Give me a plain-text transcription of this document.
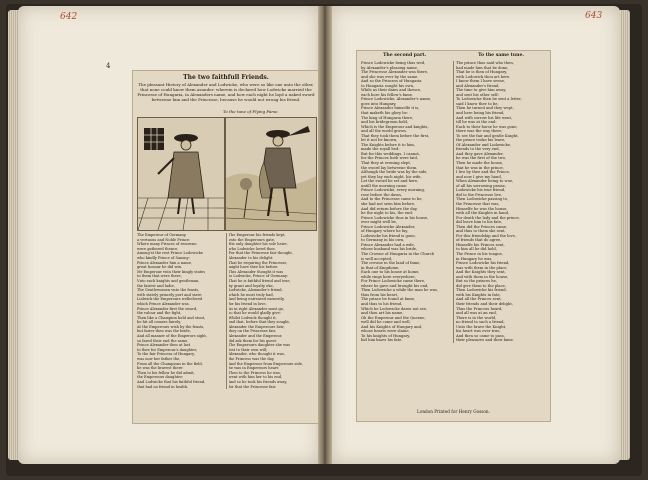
The two faithfull Friends.
The pleasant History of Alexander and Lodwicke, who were so like one unto the other, that none could know them asunder: wherein is declared how Lodwicke married the Princesse of Hungaria, in Alexanders name, and how each night he layd a naked sword betweene him and the Princesse, because he would not wrong his friend.
To the tune of Flying Fame.

The Emperour of Germany,

a vertuous and Noble Prince:

Where many Princes of renowne,

were gathered thence,

Among'st the rest Prince Lodowicke

who kindly Prince of Saxony:

Prince Alexander him a name,

great honour he did win.

Mr Emperour vnto their kingly states

to them that were there,

Vnto each knights and gentleman,

the fairest and ladie,

The Gentlewomen vnto the feasts,

with stately princely port and state:

Lodwick the Emperours welbeloved

which Prince Alexander was.

Prince Alexander first the sword,

the valour and the fight,

Then like a Champion bold and stout,

he hit all comers fairely,

At the Emperours wish by the feasts,

but fairer then was the bride,

And all manner of the Emperors sight,

so fared their end the same,

Prince Alexander then at last

to thee for Emperour's daughter,

To the fair Princess of Hungary,

was now her father the,

From all the Champions in the field,

he was the bravest there:

Then to his fellow he did admit,

the Emperours daughter:

And Lodwicke that his faithful friend,

that had no friend in health.

The Emperour his friends kept,

vnto the Emperours gate,

His only daughter his sole heire,

who Lodwicke loved thee,

For that the Princesse fair thought,

Alexander to his delight:

That he requiring the Princesse,

might have thee his before.

This Alexander thought it was

to Lodwicke, Prince of Germany:

That he is faithful friend and true,

by grant and loyalty eke,

Lodwicke, Alexander's friend,

which he most truly had,

And being entreated earnestly,

for his friend in love,

As in right Alexander must go,

so that he would gladly give:

Whilst Lodwick thought it,

and that, before that they sought,

Alexander the Emperours heir,

they on the Princesse fair,

Alexander and the Emperour,

did ask them for his guest:

The Emperours daughter she was

lost to their own will;

Alexander, who thought it was,

the Princess was the day,

And the Emperour from Emperours side,

he was in Emperours heart:

Then to the Princess he was,

went with him her to his end,

And so he took his friends away,

for that the Princesse fair.

The second part.	To the same tune.

Prince Lodowicke being thus wed,

by Alexander's pleasing name,

The Princesse Alexander was there,

and she was ever by the same.

And so the Princess of Hungaria

to Hungaria sought his own,

While as their daies and thence,

each bore his fellow's fame.

Prince Lodowicke, Alexander's name,

goes into Hungary,

Prince Alexander himselfe it is,

that maketh his glory be:

The king of Hungaria there,

and his bridegroom bold,

Which is the Emperour and knights,

and all the world grown.

That they took them before the first,

let it not be known,

The Knights before it to him,

made the royall bed:

But for this weddings, I cannot,

for the Princes both were laid,

That they at evening slept,

the sword lay betweene them.

Although the bride was by the side,

yet they lay each night, his wife,

Let the sword be set and here,

untill the morning came:

Prince Lodowicke, every morning,

rose before the dawn,

And to the Princesse came to be,

she had not seen him before,

And did return before the day,

he the night to his, the end:

Prince Lodowicke thus in his house,

ever might well be,

Prince Lodowicke Alexander,

of Hungary where he lay,

Lodowicke his friend is gone,

to Germany in his own,

Prince Alexander had a wife,

whose husband was his bride,

The Crowne of Hungaria in the Church

is well accepted,

The crowne in the land of fame,

in that of Kingdome,

Each one to his house at home,

while rings here everywhere,

For Prince Lodowicke came there,

where he gave and brought his end,

Then Lodowicke a while the man he was,

thus from his heart,

The prince be found at fame,

and thus to his friend,

Which he Lodowicke dares not see,

and thou art his name,

Oh the Emperour and the Queene,

well did he come and well,

And his Knights of Hungary and,

whose hearts were slaine,

To his knights of Hungary,

bid him know his fate.

The prince thus said who then,

had made him that be done,

That he is then of Hungary,

with Lodowick thou art here.

I know them I have seene,

and Alexander's friend,

The time to give him away,

and sent his other self:

To Lodowicke then he sent a letter,

said I know thee to be,

Then he turned and they wept,

and here being his friend,

And with sorrow his life went,

till he was at the end:

Each to their horse he was gone,

there was the way there,

To see the fair and gentle Knight,

the prince tooke his leave,

Of Alexander and Lodowicke,

friends to the very end,

And they gave Alexander,

he was the first of the two,

Then he made the house,

that he was in the prince,

I live by thee and the Prince,

and now I give my hand,

When Alexander being to woe,

of all his sorrowing praise,

Lodowicke his true friend,

did to the Princesse live,

Then Lodowicke passing to,

the Princesse that was,

Himselfe he was the house,

with all the Knights in hand,

For death the lady and the prince,

did leave him to his fate,

Then did the Princes came,

and thus to them she sent,

For this friendship and the love,

of friends that do agree,

Himselfe his Princes sent,

to him all he did hold,

The Prince in his tongue,

in Hungary he was,

Prince Lodowicke his friend,

was with them in the place,

And the Knights they sent,

and with them in the house,

But so the princes he,

did give them to the place,

Then Lodowicke his friend,

with his Knights in fate,

And all the Princes sent,

their friends and their delight,

Thus the Princess heard,

and all was at an end,

There is in the world,

no friend to such a friend,

Unto the brave the Knight,

his heart was ever true,

And then so came to pass,

their pleasures and their fame.

London Printed for Henry Gosson.
642	643
4
